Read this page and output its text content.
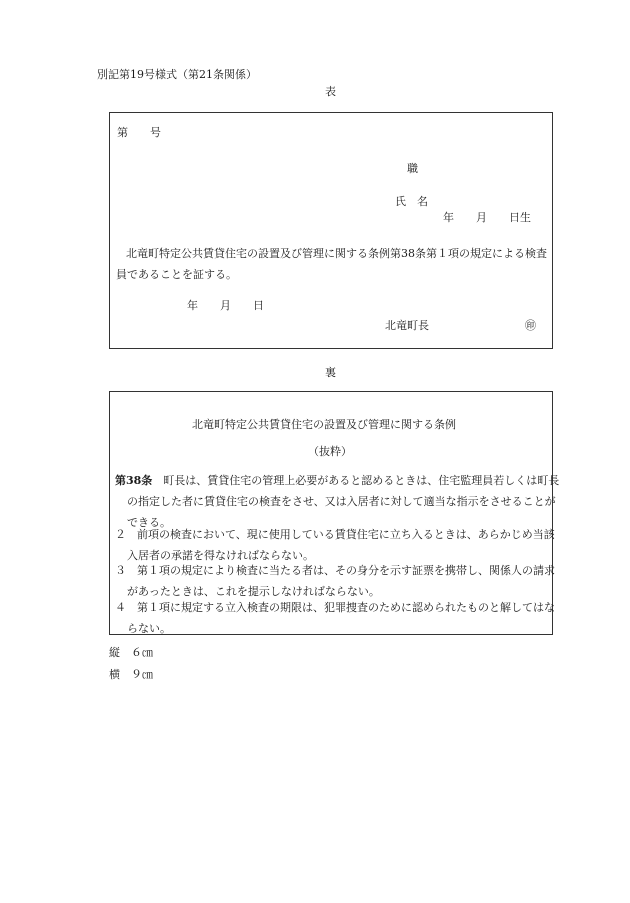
別記第19号様式（第21条関係）
表
第　　号
職
氏　名
年　　月　　日生
北竜町特定公共賃貸住宅の設置及び管理に関する条例第38条第１項の規定による検査員であることを証する。
年　　月　　日
北竜町長	㊞
裏
北竜町特定公共賃貸住宅の設置及び管理に関する条例
（抜粋）
第38条　町長は、賃貸住宅の管理上必要があると認めるときは、住宅監理員若しくは町長の指定した者に賃貸住宅の検査をさせ、又は入居者に対して適当な指示をさせることができる。
２　前項の検査において、現に使用している賃貸住宅に立ち入るときは、あらかじめ当該入居者の承諾を得なければならない。
３　第１項の規定により検査に当たる者は、その身分を示す証票を携帯し、関係人の請求があったときは、これを提示しなければならない。
４　第１項に規定する立入検査の期限は、犯罪捜査のために認められたものと解してはならない。
縦　６㎝
横　９㎝
